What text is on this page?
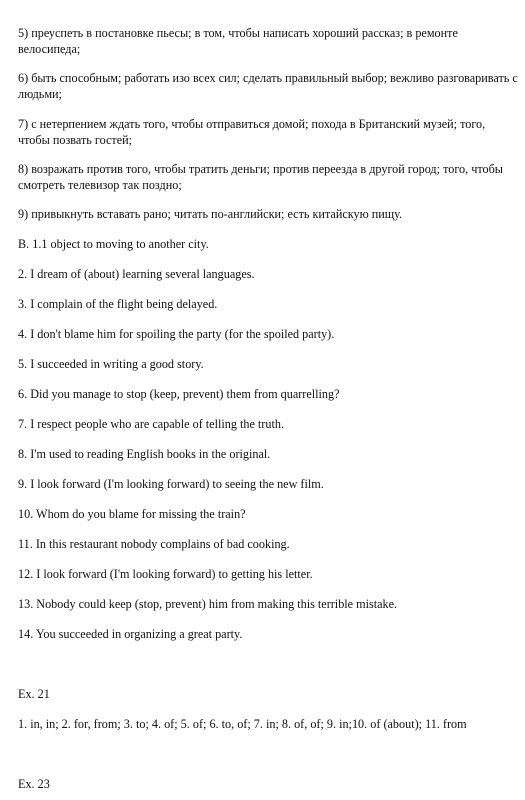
5) преуспеть в постановке пьесы; в том, чтобы написать хороший рассказ; в ремонте велосипеда;
6) быть способным; работать изо всех сил; сделать правильный выбор; вежливо разговаривать с людьми;
7) с нетерпением ждать того, чтобы отправиться домой; похода в Британский музей; того, чтобы позвать гостей;
8) возражать против того, чтобы тратить деньги; против переезда в другой город; того, чтобы смотреть телевизор так поздно;
9) привыкнуть вставать рано; читать по-английски; есть китайскую пищу.
B. 1.1 object to moving to another city.
2. I dream of (about) learning several languages.
3. I complain of the flight being delayed.
4. I don't blame him for spoiling the party (for the spoiled party).
5. I succeeded in writing a good story.
6. Did you manage to stop (keep, prevent) them from quarrelling?
7. I respect people who are capable of telling the truth.
8. I'm used to reading English books in the original.
9. I look forward (I'm looking forward) to seeing the new film.
10. Whom do you blame for missing the train?
11. In this restaurant nobody complains of bad cooking.
12. I look forward (I'm looking forward) to getting his letter.
13. Nobody could keep (stop, prevent) him from making this terrible mistake.
14. You succeeded in organizing a great party.
Ex. 21
1. in, in; 2. for, from; 3. to; 4. of; 5. of; 6. to, of; 7. in; 8. of, of; 9. in;10. of (about); 11. from
Ex. 23
